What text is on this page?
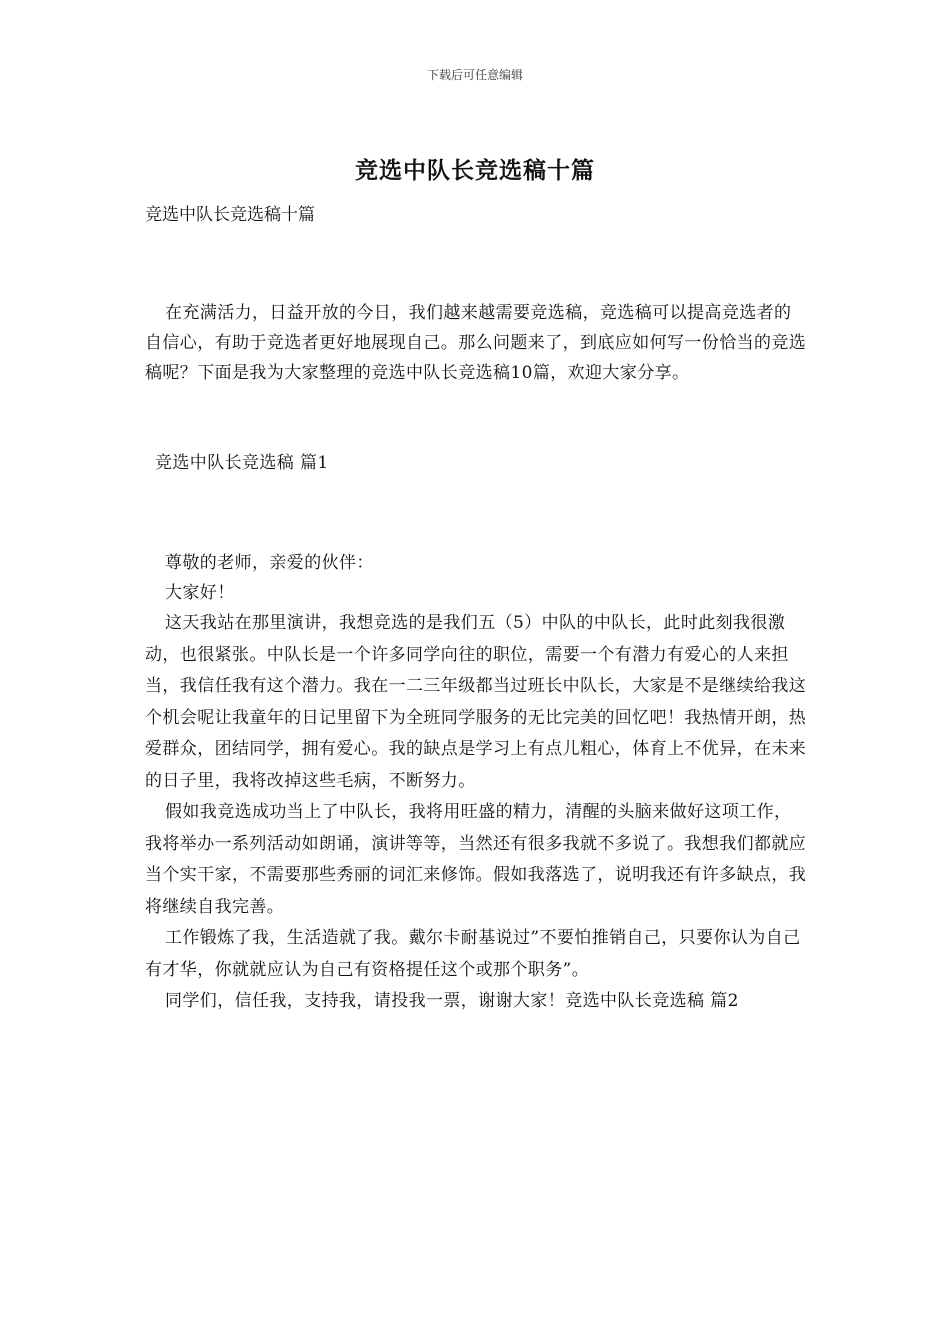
下载后可任意编辑
竞选中队长竞选稿十篇
竞选中队长竞选稿十篇

在充满活力，日益开放的今日，我们越来越需要竞选稿，竞选稿可以提高竞选者的自信心，有助于竞选者更好地展现自己。那么问题来了，到底应如何写一份恰当的竞选稿呢？下面是我为大家整理的竞选中队长竞选稿10篇，欢迎大家分享。

竞选中队长竞选稿 篇1

尊敬的老师，亲爱的伙伴：

大家好！

这天我站在那里演讲，我想竞选的是我们五（5）中队的中队长，此时此刻我很激动，也很紧张。中队长是一个许多同学向往的职位，需要一个有潜力有爱心的人来担当，我信任我有这个潜力。我在一二三年级都当过班长中队长，大家是不是继续给我这个机会呢让我童年的日记里留下为全班同学服务的无比完美的回忆吧！我热情开朗，热爱群众，团结同学，拥有爱心。我的缺点是学习上有点儿粗心，体育上不优异，在未来的日子里，我将改掉这些毛病，不断努力。

假如我竞选成功当上了中队长，我将用旺盛的精力，清醒的头脑来做好这项工作，我将举办一系列活动如朗诵，演讲等等，当然还有很多我就不多说了。我想我们都就应当个实干家，不需要那些秀丽的词汇来修饰。假如我落选了，说明我还有许多缺点，我将继续自我完善。

工作锻炼了我，生活造就了我。戴尔卡耐基说过”不要怕推销自己，只要你认为自己有才华，你就就应认为自己有资格提任这个或那个职务”。

同学们，信任我，支持我，请投我一票，谢谢大家！竞选中队长竞选稿 篇2
